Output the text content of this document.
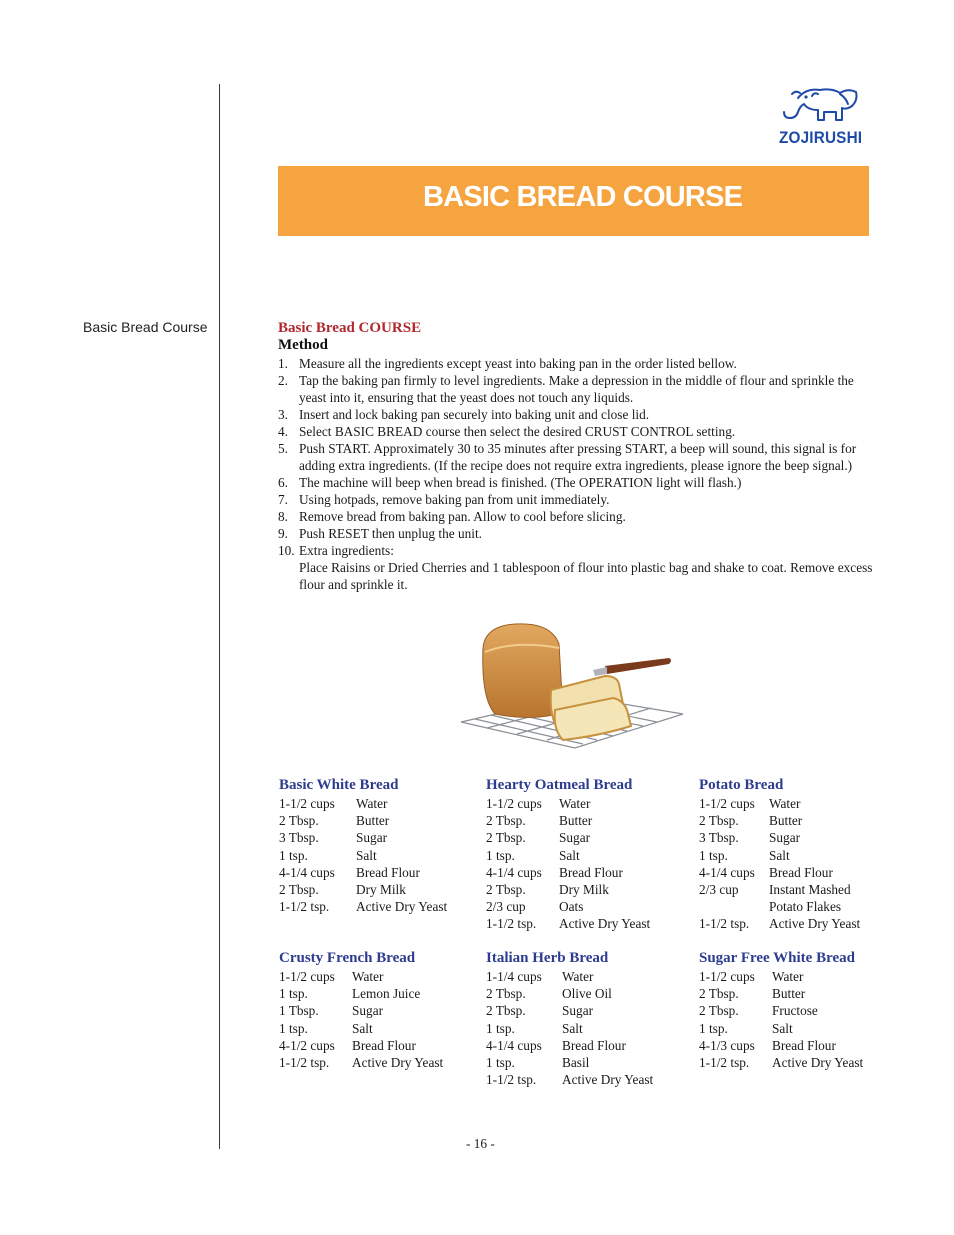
Basic Bread Course
ZOJIRUSHI
BASIC BREAD COURSE
Basic Bread COURSE
Method
1. Measure all the ingredients except yeast into baking pan in the order listed bellow.
2. Tap the baking pan firmly to level ingredients. Make a depression in the middle of flour and sprinkle the yeast into it, ensuring that the yeast does not touch any liquids.
3. Insert and lock baking pan securely into baking unit and close lid.
4. Select BASIC BREAD course then select the desired CRUST CONTROL setting.
5. Push START. Approximately 30 to 35 minutes after pressing START, a beep will sound, this signal is for adding extra ingredients. (If the recipe does not require extra ingredients, please ignore the beep signal.)
6. The machine will beep when bread is finished. (The OPERATION light will flash.)
7. Using hotpads, remove baking pan from unit immediately.
8. Remove bread from baking pan. Allow to cool before slicing.
9. Push RESET then unplug the unit.
10. Extra ingredients:
Place Raisins or Dried Cherries and 1 tablespoon of flour into plastic bag and shake to coat. Remove excess flour and sprinkle it.
Basic White Bread
1-1/2 cups	Water
2 Tbsp.	Butter
3 Tbsp.	Sugar
1 tsp.	Salt
4-1/4 cups	Bread Flour
2 Tbsp.	Dry Milk
1-1/2 tsp.	Active Dry Yeast
Hearty Oatmeal Bread
1-1/2 cups	Water
2 Tbsp.	Butter
2 Tbsp.	Sugar
1 tsp.	Salt
4-1/4 cups	Bread Flour
2 Tbsp.	Dry Milk
2/3 cup	Oats
1-1/2 tsp.	Active Dry Yeast
Potato Bread
1-1/2 cups	Water
2 Tbsp.	Butter
3 Tbsp.	Sugar
1 tsp.	Salt
4-1/4 cups	Bread Flour
2/3 cup	Instant Mashed
Potato Flakes
1-1/2 tsp.	Active Dry Yeast
Crusty French Bread
1-1/2 cups	Water
1 tsp.	Lemon Juice
1 Tbsp.	Sugar
1 tsp.	Salt
4-1/2 cups	Bread Flour
1-1/2 tsp.	Active Dry Yeast
Italian Herb Bread
1-1/4 cups	Water
2 Tbsp.	Olive Oil
2 Tbsp.	Sugar
1 tsp.	Salt
4-1/4 cups	Bread Flour
1 tsp.	Basil
1-1/2 tsp.	Active Dry Yeast
Sugar Free White Bread
1-1/2 cups	Water
2 Tbsp.	Butter
2 Tbsp.	Fructose
1 tsp.	Salt
4-1/3 cups	Bread Flour
1-1/2 tsp.	Active Dry Yeast
- 16 -
